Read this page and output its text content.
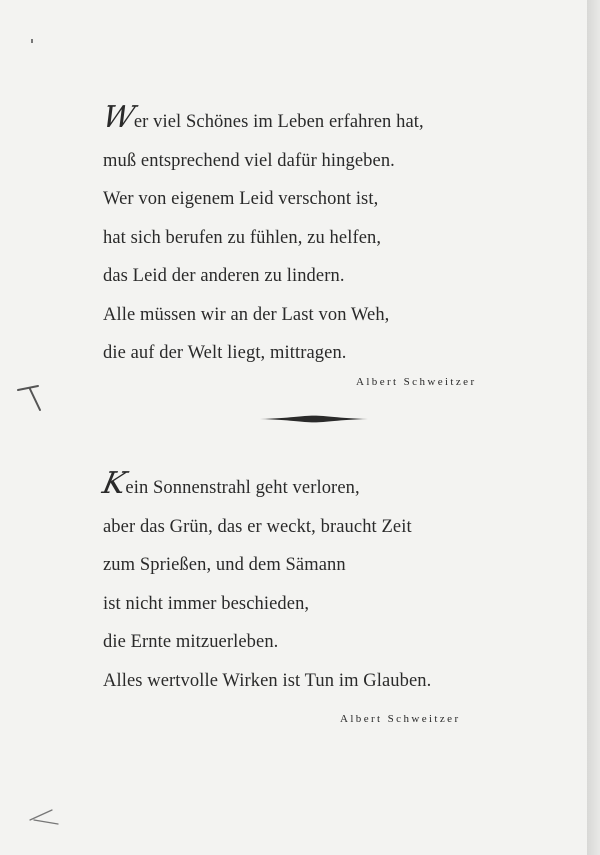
Wer viel Schönes im Leben erfahren hat,
muß entsprechend viel dafür hingeben.
Wer von eigenem Leid verschont ist,
hat sich berufen zu fühlen, zu helfen,
das Leid der anderen zu lindern.
Alle müssen wir an der Last von Weh,
die auf der Welt liegt, mittragen.
Albert Schweitzer
Kein Sonnenstrahl geht verloren,
aber das Grün, das er weckt, braucht Zeit
zum Sprießen, und dem Sämann
ist nicht immer beschieden,
die Ernte mitzuerleben.
Alles wertvolle Wirken ist Tun im Glauben.
Albert Schweitzer
